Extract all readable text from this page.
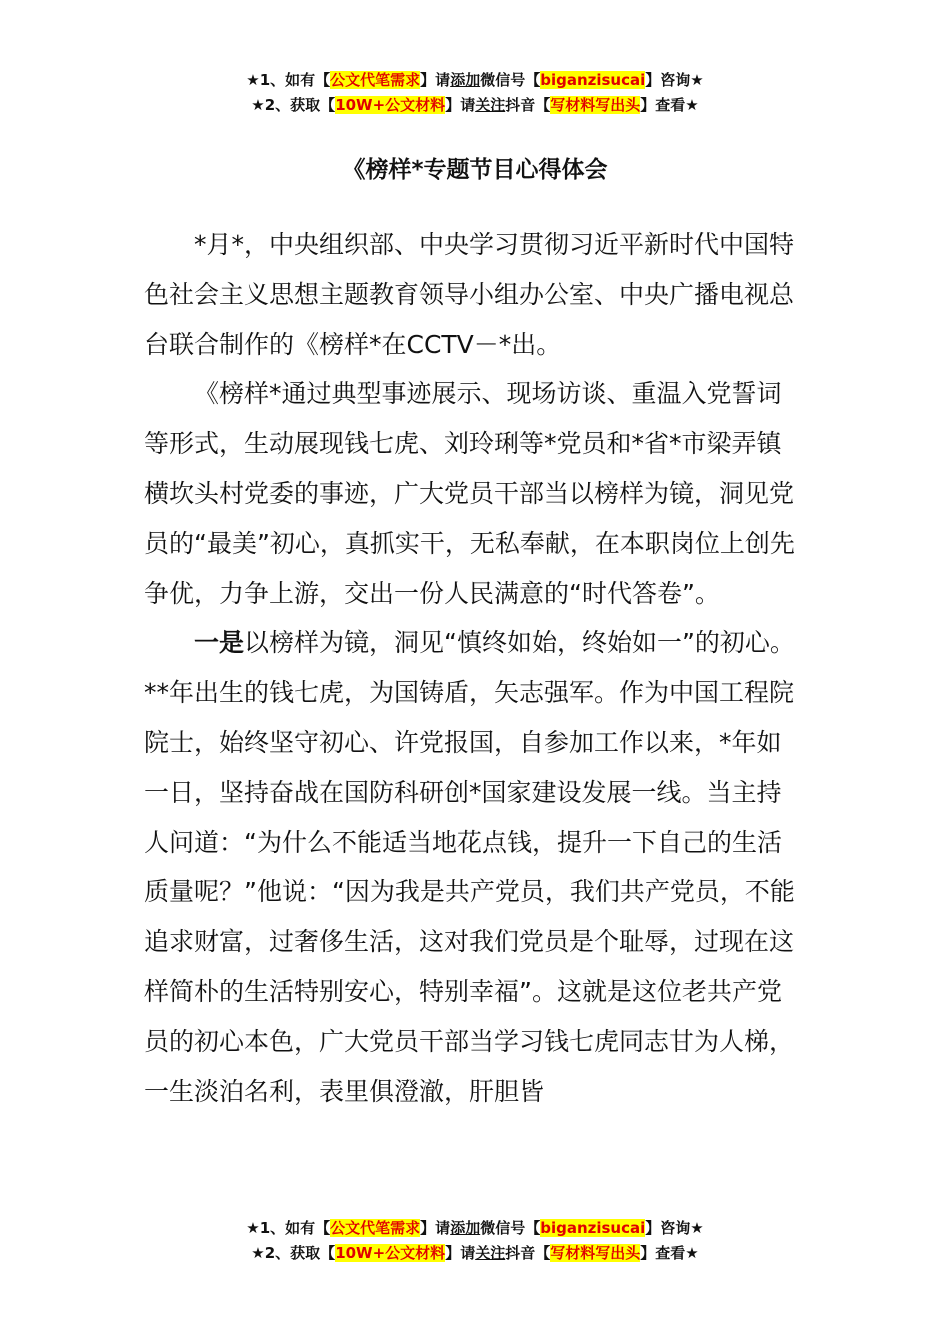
★1、如有【公文代笔需求】请添加微信号【biganzisucai】咨询★
★2、获取【10W+公文材料】请关注抖音【写材料写出头】查看★
《榜样*专题节目心得体会

*月*，中央组织部、中央学习贯彻习近平新时代中国特色社会主义思想主题教育领导小组办公室、中央广播电视总台联合制作的《榜样*在CCTV－*出。

《榜样*通过典型事迹展示、现场访谈、重温入党誓词等形式，生动展现钱七虎、刘玲琍等*党员和*省*市梁弄镇横坎头村党委的事迹，广大党员干部当以榜样为镜，洞见党员的“最美”初心，真抓实干，无私奉献，在本职岗位上创先争优，力争上游，交出一份人民满意的“时代答卷”。

一是以榜样为镜，洞见“慎终如始，终始如一”的初心。**年出生的钱七虎，为国铸盾，矢志强军。作为中国工程院院士，始终坚守初心、许党报国，自参加工作以来，*年如一日，坚持奋战在国防科研创*国家建设发展一线。当主持人问道：“为什么不能适当地花点钱，提升一下自己的生活质量呢？”他说：“因为我是共产党员，我们共产党员，不能追求财富，过奢侈生活，这对我们党员是个耻辱，过现在这样简朴的生活特别安心，特别幸福”。这就是这位老共产党员的初心本色，广大党员干部当学习钱七虎同志甘为人梯，一生淡泊名利，表里俱澄澈，肝胆皆

★1、如有【公文代笔需求】请添加微信号【biganzisucai】咨询★
★2、获取【10W+公文材料】请关注抖音【写材料写出头】查看★
